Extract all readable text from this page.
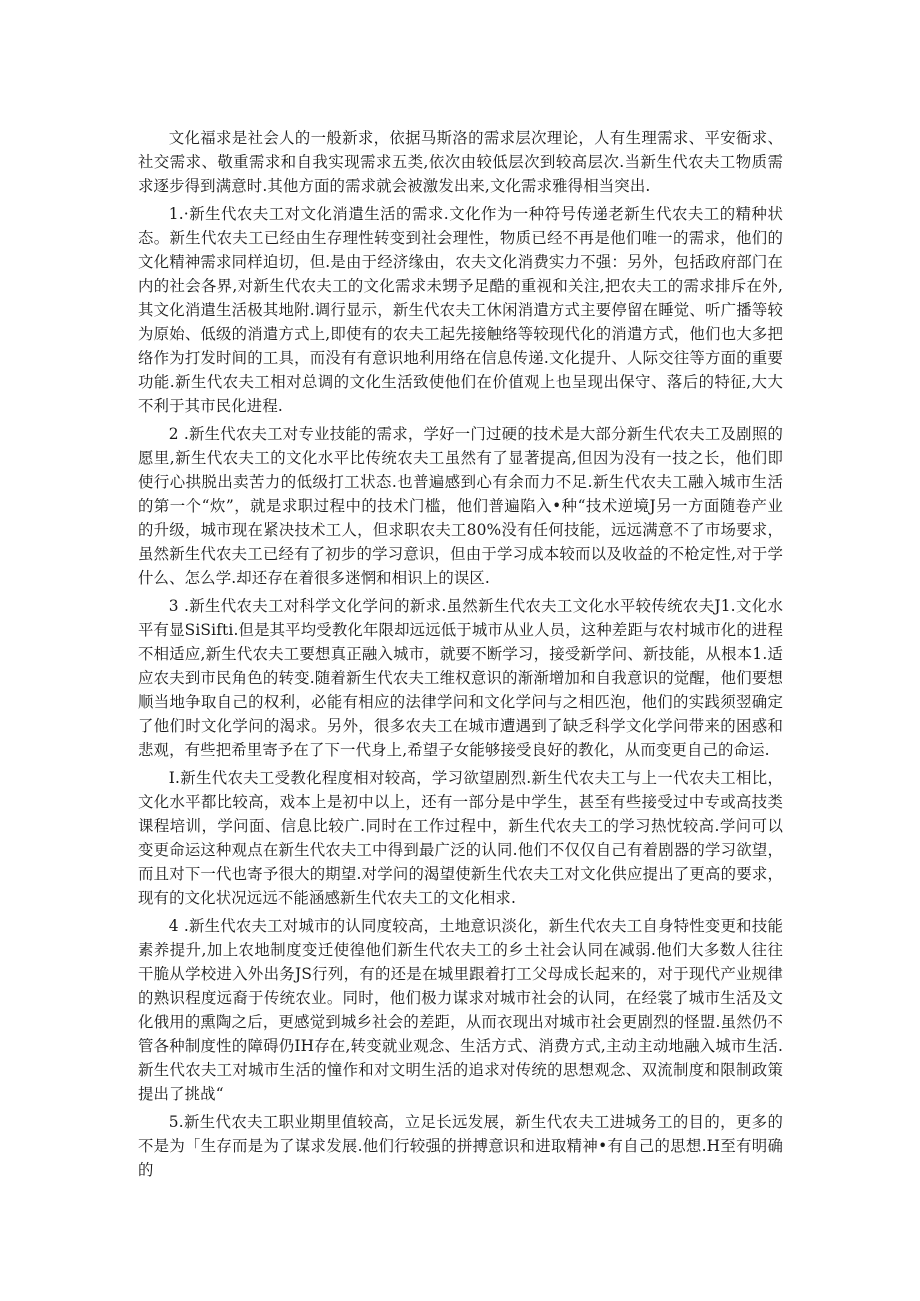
文化福求是社会人的一般新求，依据马斯洛的需求层次理论，人有生理需求、平安衙求、社交需求、敬重需求和自我实现需求五类,依次由较低层次到较高层次.当新生代农夫工物质需求逐步得到满意时.其他方面的需求就会被激发出来,文化需求雅得相当突出.

1.·新生代农夫工对文化消遣生活的需求.文化作为一种符号传递老新生代农夫工的精种状态。新生代农夫工已经由生存理性转变到社会理性，物质已经不再是他们唯一的需求，他们的文化精神需求同样迫切，但.是由于经济缘由，农夫文化消费实力不强：另外，包括政府部门在内的社会各界,对新生代农夫工的文化需求未甥予足酷的重视和关注,把农夫工的需求排斥在外,其文化消遣生活极其地附.调行显示，新生代农夫工休闲消遣方式主要停留在睡觉、听广播等较为原始、低级的消遣方式上,即使有的农夫工起先接触络等较现代化的消遣方式，他们也大多把络作为打发时间的工具，而没有有意识地利用络在信息传递.文化提升、人际交往等方面的重要功能.新生代农夫工相对总调的文化生活致使他们在价值观上也呈现出保守、落后的特征,大大不利于其市民化进程.

2 .新生代农夫工对专业技能的需求，学好一门过硬的技术是大部分新生代农夫工及剧照的愿里,新生代农夫工的文化水平比传统农夫工虽然有了显著提高,但因为没有一技之长，他们即使行心拱脱出卖苦力的低级打工状态.也普遍感到心有余而力不足.新生代农夫工融入城市生活的第一个“炊”，就是求职过程中的技术门槛，他们普遍陷入•种“技术逆境J另一方面随卷产业的升级，城市现在紧决技术工人，但求职农夫工80%没有任何技能，远远满意不了市场要求，虽然新生代农夫工已经有了初步的学习意识，但由于学习成本较而以及收益的不枪定性,对于学什么、怎么学.却还存在着很多迷惘和相识上的误区.

3 .新生代农夫工对科学文化学问的新求.虽然新生代农夫工文化水平较传统农夫J1.文化水平有显SiSifti.但是其平均受教化年限却远远低于城市从业人员，这种差距与农村城市化的进程不相适应,新生代农夫工要想真正融入城市，就要不断学习，接受新学问、新技能，从根本1.适应农夫到市民角色的转变.随着新生代农夫工维权意识的渐渐增加和自我意识的觉醒，他们要想顺当地争取自己的权利，必能有相应的法律学问和文化学问与之相匹泡，他们的实践须翌确定了他们时文化学问的渴求。另外，很多农夫工在城市遭遇到了缺乏科学文化学问带来的困惑和悲观，有些把希里寄予在了下一代身上,希望子女能够接受良好的教化，从而变更自己的命运.

I.新生代农夫工受教化程度相对较高，学习欲望剧烈.新生代农夫工与上一代农夫工相比，文化水平都比较高，戏本上是初中以上，还有一部分是中学生，甚至有些接受过中专或高技类课程培训，学问面、信息比较广.同时在工作过程中，新生代农夫工的学习热忱较高.学问可以变更命运这种观点在新生代农夫工中得到最广泛的认同.他们不仅仅自己有着剧器的学习欲望，而且对下一代也寄予很大的期望.对学问的渴望使新生代农夫工对文化供应提出了更高的要求，现有的文化状况远远不能涵感新生代农夫工的文化相求.

4 .新生代农夫工对城市的认同度较高，土地意识淡化，新生代农夫工自身特性变更和技能素养提升,加上农地制度变迁使徨他们新生代农夫工的乡土社会认同在减弱.他们大多数人往往干脆从学校进入外出务JS行列，有的还是在城里跟着打工父母成长起来的，对于现代产业规律的熟识程度远裔于传统农业。同时，他们极力谋求对城市社会的认同，在经裳了城市生活及文化俄用的熏陶之后，更感觉到城乡社会的差距，从而衣现出对城市社会更剧烈的怪盟.虽然仍不管各种制度性的障碍仍IH存在,转变就业观念、生活方式、消费方式,主动主动地融入城市生活.新生代农夫工对城市生活的憧作和对文明生活的追求对传统的思想观念、双流制度和限制政策提出了挑战“

5.新生代农夫工职业期里值较高，立足长远发展，新生代农夫工进城务工的目的，更多的不是为「生存而是为了谋求发展.他们行较强的拼搏意识和进取精神•有自己的思想.H至有明确的
